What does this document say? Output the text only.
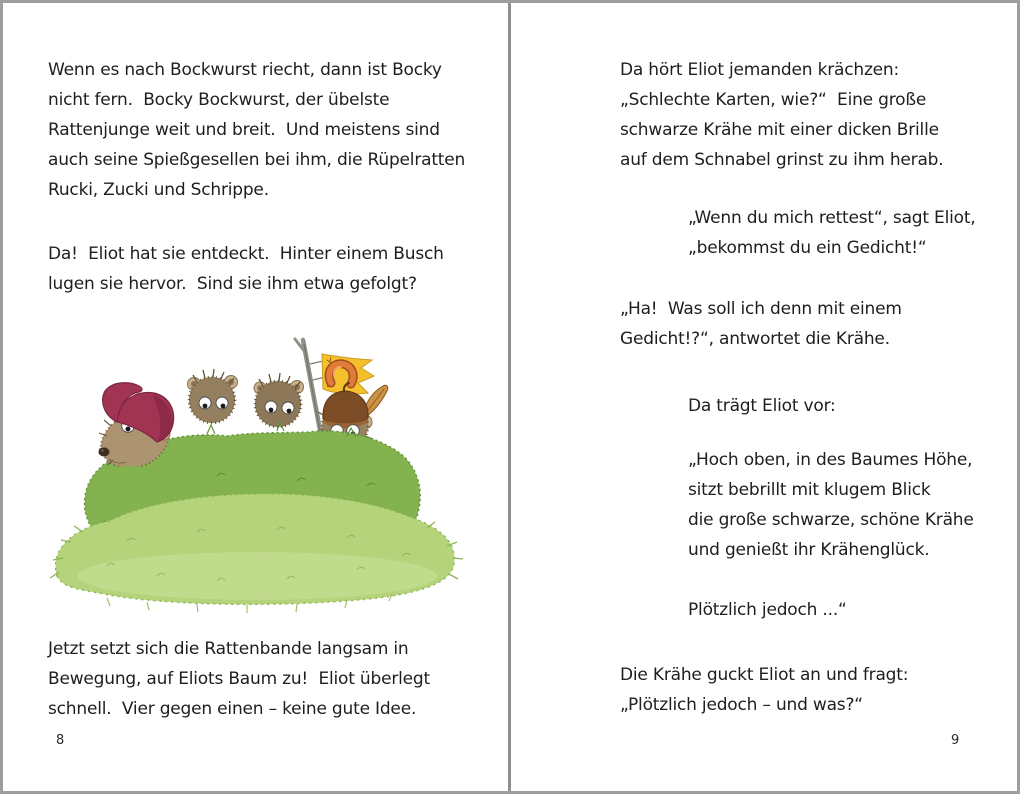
Wenn es nach Bockwurst riecht, dann ist Bocky
nicht fern.  Bocky Bockwurst, der übelste
Rattenjunge weit und breit.  Und meistens sind
auch seine Spießgesellen bei ihm, die Rüpelratten
Rucki, Zucki und Schrippe.
Da!  Eliot hat sie entdeckt.  Hinter einem Busch
lugen sie hervor.  Sind sie ihm etwa gefolgt?
Jetzt setzt sich die Rattenbande langsam in
Bewegung, auf Eliots Baum zu!  Eliot überlegt
schnell.  Vier gegen einen – keine gute Idee.
8
Da hört Eliot jemanden krächzen:
„Schlechte Karten, wie?“  Eine große
schwarze Krähe mit einer dicken Brille
auf dem Schnabel grinst zu ihm herab.
„Wenn du mich rettest“, sagt Eliot,
„bekommst du ein Gedicht!“
„Ha!  Was soll ich denn mit einem
Gedicht!?“, antwortet die Krähe.
Da trägt Eliot vor:
„Hoch oben, in des Baumes Höhe,
sitzt bebrillt mit klugem Blick
die große schwarze, schöne Krähe
und genießt ihr Krähenglück.
Plötzlich jedoch ...“
Die Krähe guckt Eliot an und fragt:
„Plötzlich jedoch – und was?“
9
